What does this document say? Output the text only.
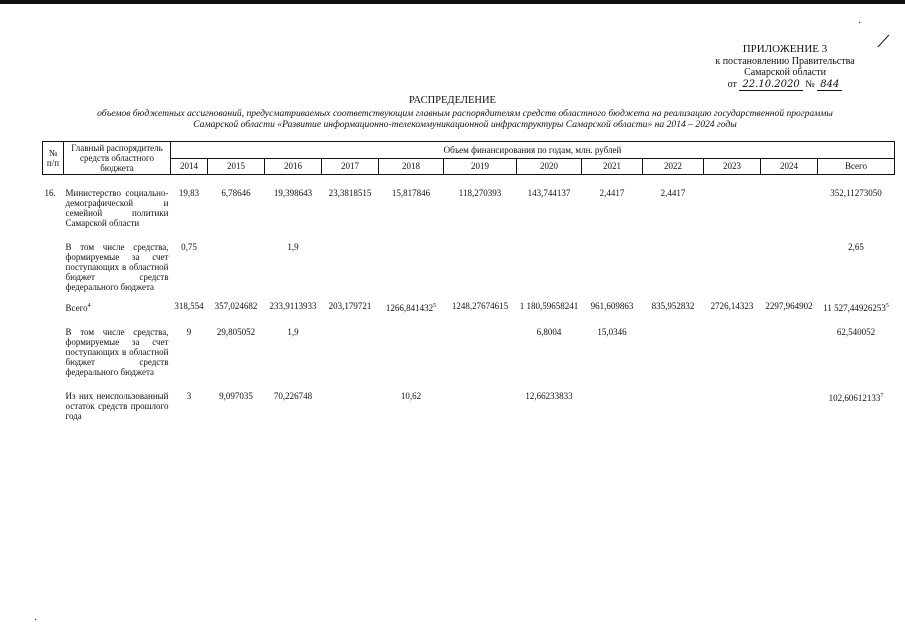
·
/
ПРИЛОЖЕНИЕ 3
к постановлению Правительства
Самарской области
от 22.10.2020 № 844
РАСПРЕДЕЛЕНИЕ
объемов бюджетных ассигнований, предусматриваемых соответствующим главным распорядителям средств областного бюджета на реализацию государственной программы
Самарской области «Развитие информационно-телекоммуникационной инфраструктуры Самарской области» на 2014 – 2024 годы
№ п/п	Главный распорядитель средств областного бюджета	Объем финансирования по годам, млн. рублей											
		2014	2015	2016	2017	2018	2019	2020	2021	2022	2023	2024	Всего

16.	Министерство социально-демографической и семейной политики Самарской области	19,83	6,78646	19,398643	23,3818515	15,817846	118,270393	143,744137	2,4417	2,4417			352,11273050

	В том числе средства, формируемые за счет поступающих в областной бюджет средств федерального бюджета	0,75		1,9									2,65
	Всего$^4$	318,554	357,024682	233,9113933	203,179721	1266,841432$^5$	1248,27674615	1 180,59658241	961,609863	835,952832	2726,14323	2297,964902	11 527,44926253$^5$

	В том числе средства, формируемые за счет поступающих в областной бюджет средств федерального бюджета	9	29,805052	1,9				6,8004	15,0346				62,540052

	Из них неиспользованный остаток средств прошлого года	3	9,097035	70,226748		10,62		12,66233833					$102,60612133^7$
·
